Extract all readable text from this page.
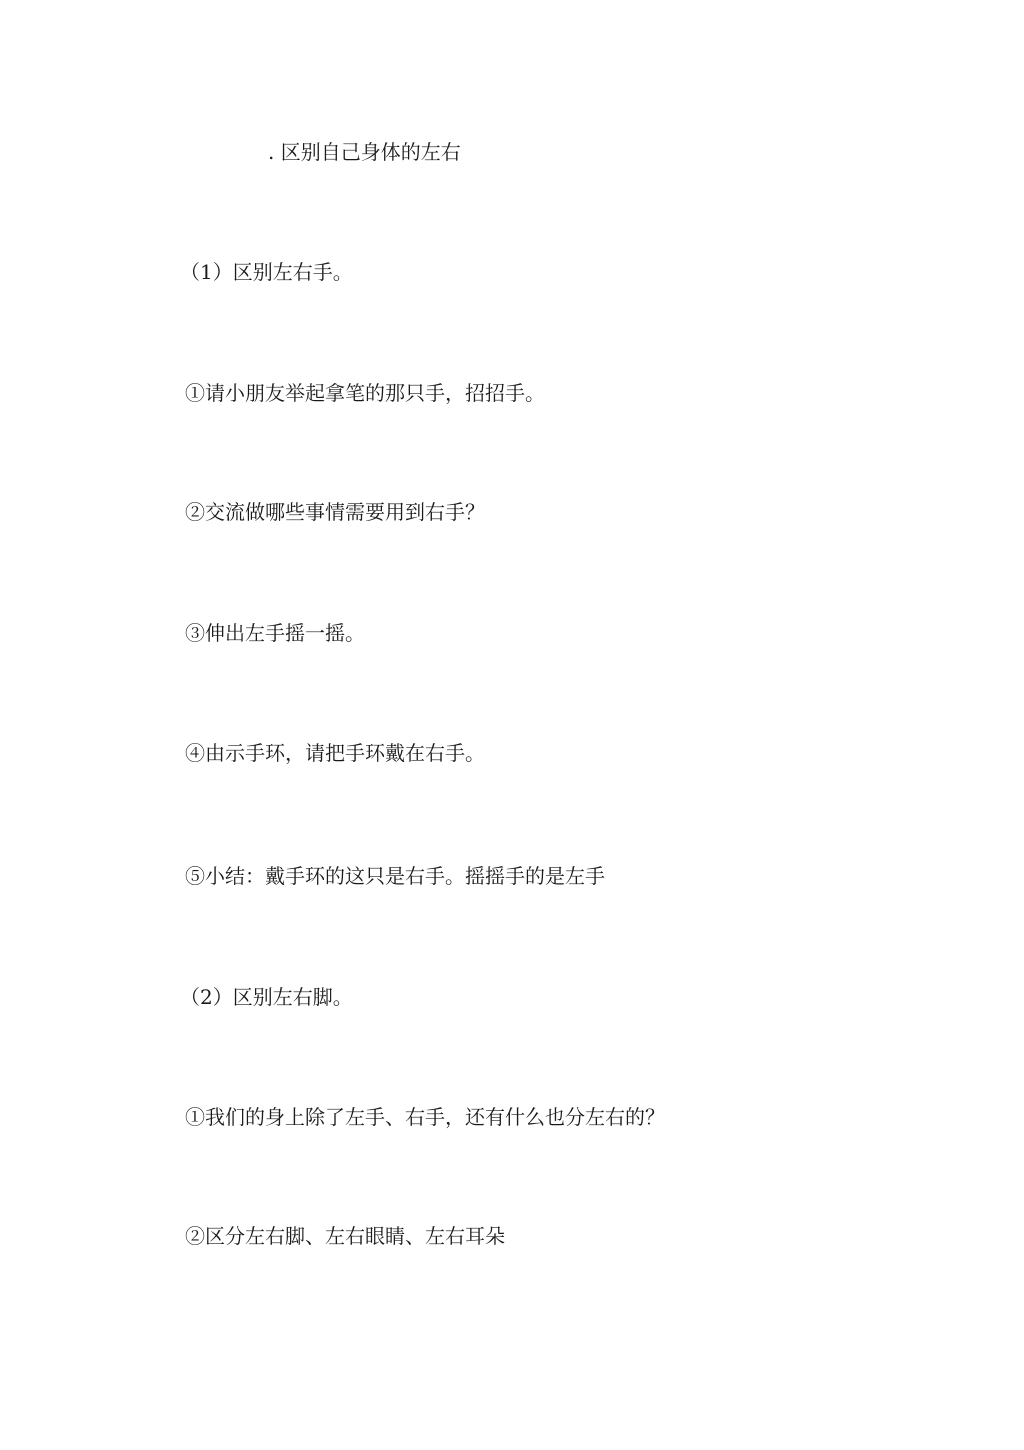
. 区别自己身体的左右
（1）区别左右手。
①请小朋友举起拿笔的那只手，招招手。
②交流做哪些事情需要用到右手？
③伸出左手摇一摇。
④由示手环，请把手环戴在右手。
⑤小结：戴手环的这只是右手。摇摇手的是左手
（2）区别左右脚。
①我们的身上除了左手、右手，还有什么也分左右的？
②区分左右脚、左右眼睛、左右耳朵
